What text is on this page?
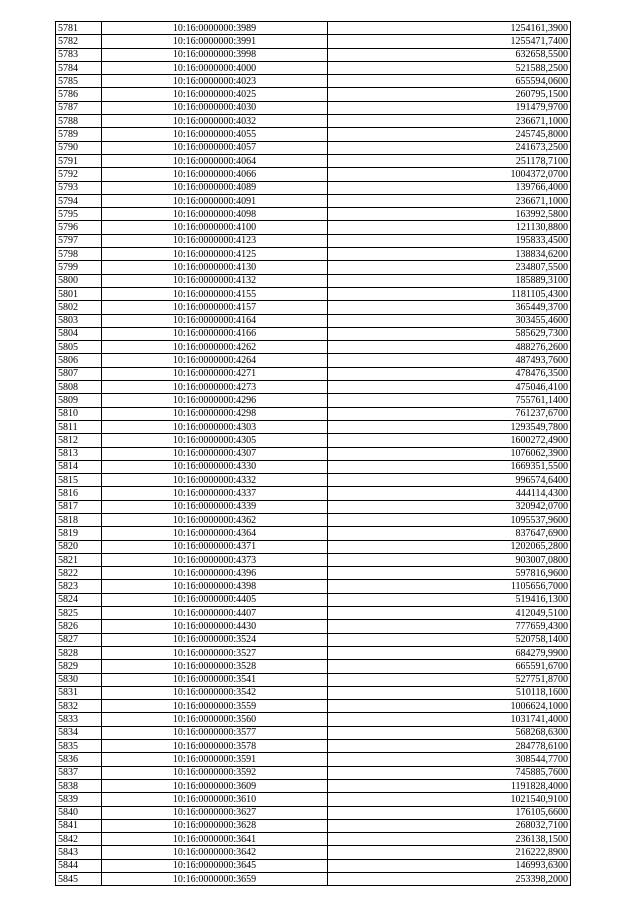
5781	10:16:0000000:3989	1254161,3900
5782	10:16:0000000:3991	1255471,7400
5783	10:16:0000000:3998	632658,5500
5784	10:16:0000000:4000	521588,2500
5785	10:16:0000000:4023	655594,0600
5786	10:16:0000000:4025	260795,1500
5787	10:16:0000000:4030	191479,9700
5788	10:16:0000000:4032	236671,1000
5789	10:16:0000000:4055	245745,8000
5790	10:16:0000000:4057	241673,2500
5791	10:16:0000000:4064	251178,7100
5792	10:16:0000000:4066	1004372,0700
5793	10:16:0000000:4089	139766,4000
5794	10:16:0000000:4091	236671,1000
5795	10:16:0000000:4098	163992,5800
5796	10:16:0000000:4100	121130,8800
5797	10:16:0000000:4123	195833,4500
5798	10:16:0000000:4125	138834,6200
5799	10:16:0000000:4130	234807,5500
5800	10:16:0000000:4132	185889,3100
5801	10:16:0000000:4155	1181105,4300
5802	10:16:0000000:4157	365449,3700
5803	10:16:0000000:4164	303455,4600
5804	10:16:0000000:4166	585629,7300
5805	10:16:0000000:4262	488276,2600
5806	10:16:0000000:4264	487493,7600
5807	10:16:0000000:4271	478476,3500
5808	10:16:0000000:4273	475046,4100
5809	10:16:0000000:4296	755761,1400
5810	10:16:0000000:4298	761237,6700
5811	10:16:0000000:4303	1293549,7800
5812	10:16:0000000:4305	1600272,4900
5813	10:16:0000000:4307	1076062,3900
5814	10:16:0000000:4330	1669351,5500
5815	10:16:0000000:4332	996574,6400
5816	10:16:0000000:4337	444114,4300
5817	10:16:0000000:4339	320942,0700
5818	10:16:0000000:4362	1095537,9600
5819	10:16:0000000:4364	837647,6900
5820	10:16:0000000:4371	1202065,2800
5821	10:16:0000000:4373	903007,0800
5822	10:16:0000000:4396	597816,9600
5823	10:16:0000000:4398	1105656,7000
5824	10:16:0000000:4405	519416,1300
5825	10:16:0000000:4407	412049,5100
5826	10:16:0000000:4430	777659,4300
5827	10:16:0000000:3524	520758,1400
5828	10:16:0000000:3527	684279,9900
5829	10:16:0000000:3528	665591,6700
5830	10:16:0000000:3541	527751,8700
5831	10:16:0000000:3542	510118,1600
5832	10:16:0000000:3559	1006624,1000
5833	10:16:0000000:3560	1031741,4000
5834	10:16:0000000:3577	568268,6300
5835	10:16:0000000:3578	284778,6100
5836	10:16:0000000:3591	308544,7700
5837	10:16:0000000:3592	745885,7600
5838	10:16:0000000:3609	1191828,4000
5839	10:16:0000000:3610	1021540,9100
5840	10:16:0000000:3627	176105,6600
5841	10:16:0000000:3628	268032,7100
5842	10:16:0000000:3641	236138,1500
5843	10:16:0000000:3642	216222,8900
5844	10:16:0000000:3645	146993,6300
5845	10:16:0000000:3659	253398,2000
